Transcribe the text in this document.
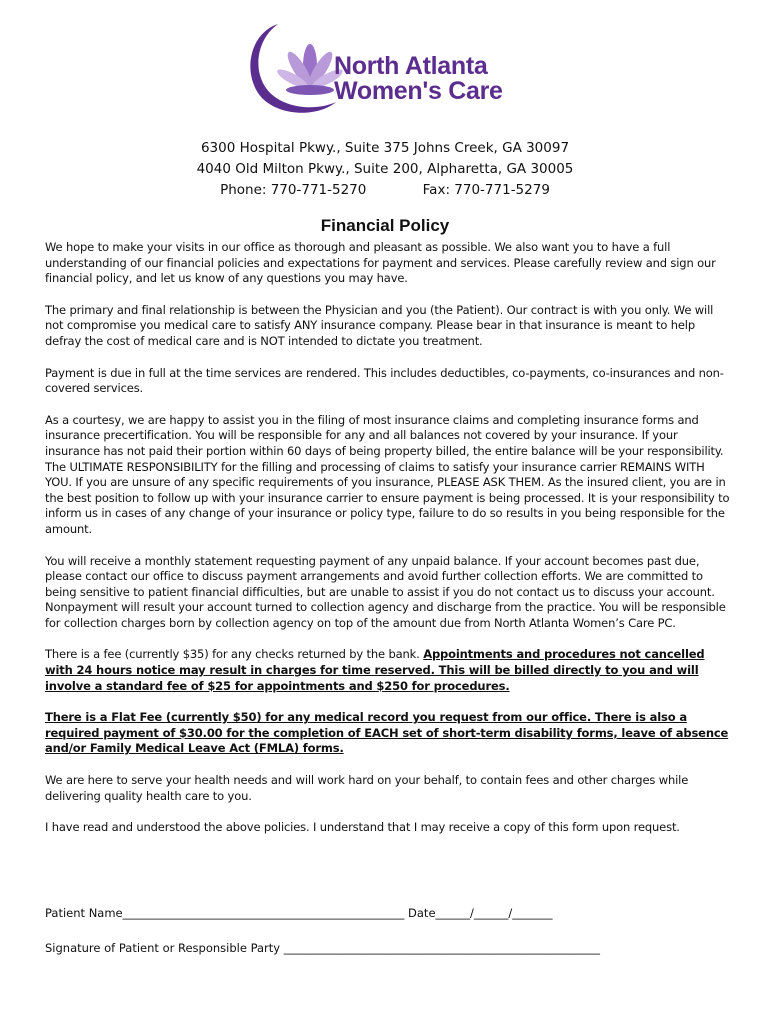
North Atlanta
Women's Care
6300 Hospital Pkwy., Suite 375 Johns Creek, GA 30097
4040 Old Milton Pkwy., Suite 200, Alpharetta, GA 30005
Phone: 770-771-5270	Fax: 770-771-5279
Financial Policy

We hope to make your visits in our office as thorough and pleasant as possible. We also want you to have a full understanding of our financial policies and expectations for payment and services. Please carefully review and sign our financial policy, and let us know of any questions you may have.

The primary and final relationship is between the Physician and you (the Patient). Our contract is with you only. We will not compromise you medical care to satisfy ANY insurance company. Please bear in that insurance is meant to help defray the cost of medical care and is NOT intended to dictate you treatment.

Payment is due in full at the time services are rendered. This includes deductibles, co-payments, co-insurances and non-covered services.

As a courtesy, we are happy to assist you in the filing of most insurance claims and completing insurance forms and insurance precertification. You will be responsible for any and all balances not covered by your insurance. If your insurance has not paid their portion within 60 days of being property billed, the entire balance will be your responsibility. The ULTIMATE RESPONSIBILITY for the filling and processing of claims to satisfy your insurance carrier REMAINS WITH YOU. If you are unsure of any specific requirements of you insurance, PLEASE ASK THEM. As the insured client, you are in the best position to follow up with your insurance carrier to ensure payment is being processed. It is your responsibility to inform us in cases of any change of your insurance or policy type, failure to do so results in you being responsible for the amount.

You will receive a monthly statement requesting payment of any unpaid balance. If your account becomes past due, please contact our office to discuss payment arrangements and avoid further collection efforts. We are committed to being sensitive to patient financial difficulties, but are unable to assist if you do not contact us to discuss your account. Nonpayment will result your account turned to collection agency and discharge from the practice. You will be responsible for collection charges born by collection agency on top of the amount due from North Atlanta Women’s Care PC.

There is a fee (currently $35) for any checks returned by the bank. Appointments and procedures not cancelled with 24 hours notice may result in charges for time reserved. This will be billed directly to you and will involve a standard fee of $25 for appointments and $250 for procedures.

There is a Flat Fee (currently $50) for any medical record you request from our office. There is also a required payment of $30.00 for the completion of EACH set of short-term disability forms, leave of absence and/or Family Medical Leave Act (FMLA) forms.

We are here to serve your health needs and will work hard on your behalf, to contain fees and other charges while delivering quality health care to you.

I have read and understood the above policies. I understand that I may receive a copy of this form upon request.

Patient Name_________________________________________________ Date______/______/_______
Signature of Patient or Responsible Party _______________________________________________________
